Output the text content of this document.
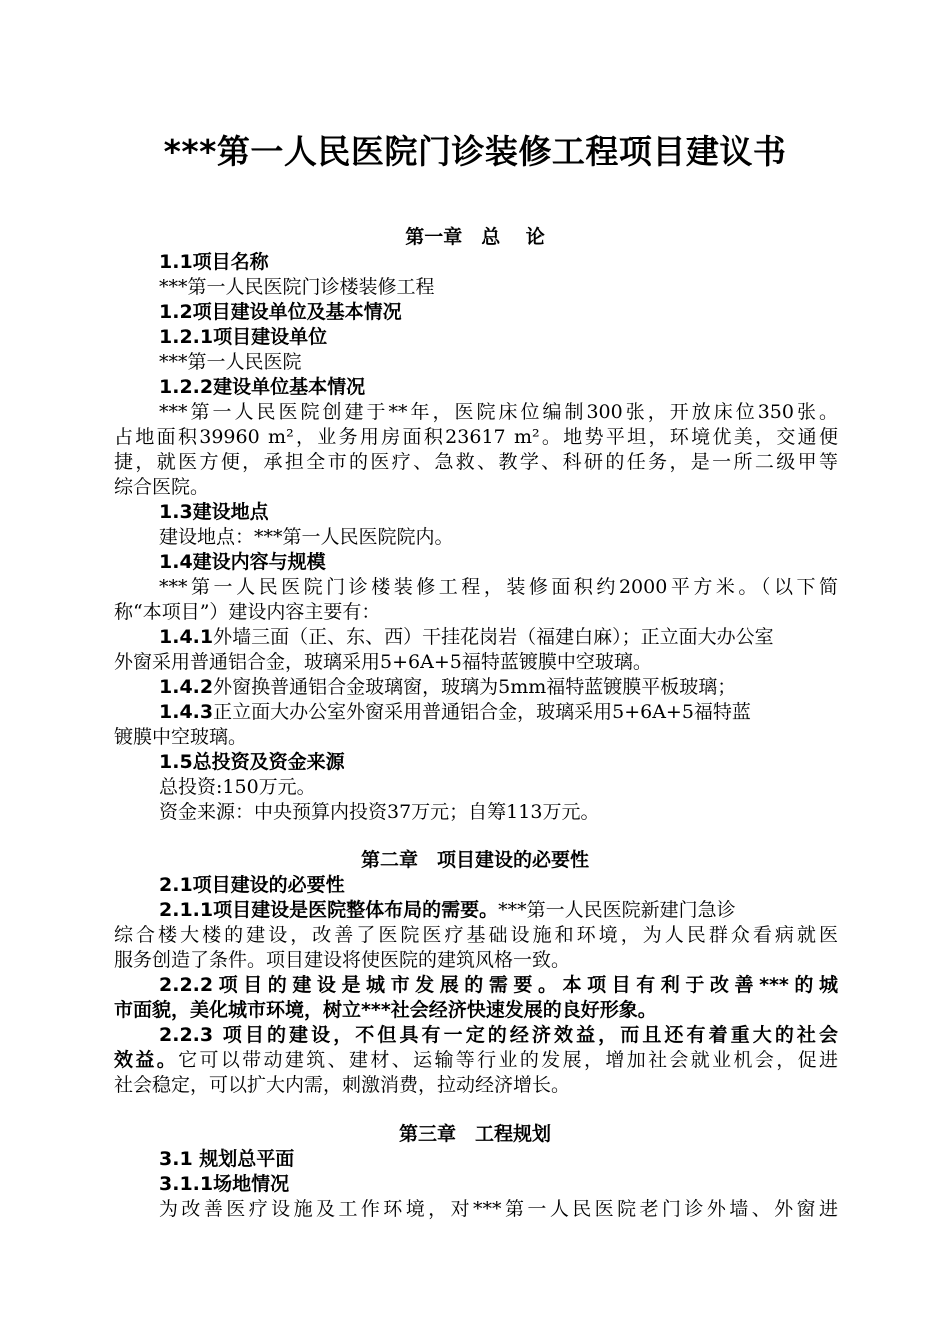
***第一人民医院门诊装修工程项目建议书
第一章　总　 论
1.1项目名称
***第一人民医院门诊楼装修工程
1.2项目建设单位及基本情况
1.2.1项目建设单位
***第一人民医院
1.2.2建设单位基本情况
***第一人民医院创建于**年，医院床位编制300张，开放床位350张。
占地面积39960 m²，业务用房面积23617 m²。地势平坦，环境优美，交通便
捷，就医方便，承担全市的医疗、急救、教学、科研的任务，是一所二级甲等
综合医院。
1.3建设地点
建设地点：***第一人民医院院内。
1.4建设内容与规模
***第一人民医院门诊楼装修工程，装修面积约2000平方米。（以下简
称“本项目”）建设内容主要有：
1.4.1外墙三面（正、东、西）干挂花岗岩（福建白麻）；正立面大办公室
外窗采用普通铝合金，玻璃采用5+6A+5福特蓝镀膜中空玻璃。
1.4.2外窗换普通铝合金玻璃窗，玻璃为5mm福特蓝镀膜平板玻璃；
1.4.3正立面大办公室外窗采用普通铝合金，玻璃采用5+6A+5福特蓝
镀膜中空玻璃。
1.5总投资及资金来源
总投资:150万元。
资金来源：中央预算内投资37万元；自筹113万元。
第二章　项目建设的必要性
2.1项目建设的必要性
2.1.1项目建设是医院整体布局的需要。***第一人民医院新建门急诊
综合楼大楼的建设，改善了医院医疗基础设施和环境，为人民群众看病就医
服务创造了条件。项目建设将使医院的建筑风格一致。
2.2.2项目的建设是城市发展的需要。本项目有利于改善***的城
市面貌，美化城市环境，树立***社会经济快速发展的良好形象。
2.2.3 项目的建设，不但具有一定的经济效益，而且还有着重大的社会
效益。它可以带动建筑、建材、运输等行业的发展，增加社会就业机会，促进
社会稳定，可以扩大内需，刺激消费，拉动经济增长。
第三章　工程规划
3.1 规划总平面
3.1.1场地情况
为改善医疗设施及工作环境，对***第一人民医院老门诊外墙、外窗进
